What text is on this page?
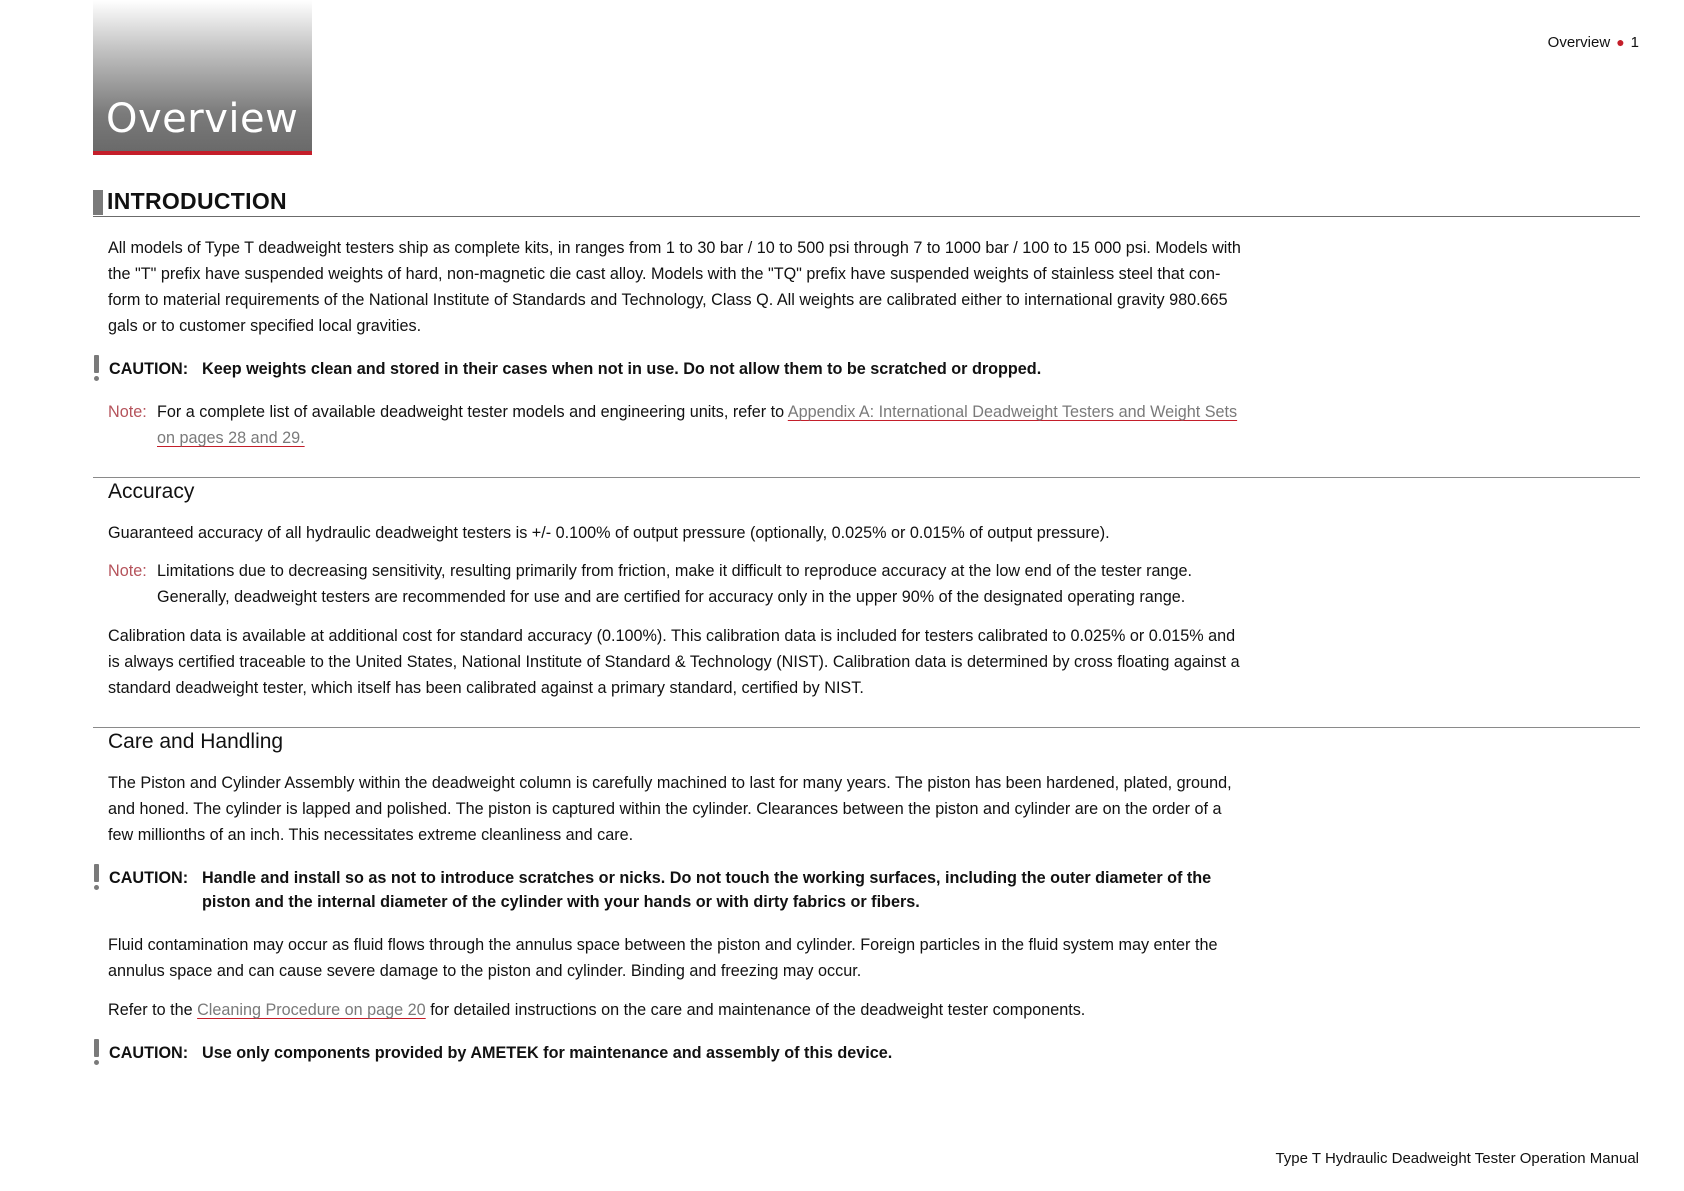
Overview
Overview ● 1
INTRODUCTION
All models of Type T deadweight testers ship as complete kits, in ranges from 1 to 30 bar / 10 to 500 psi through 7 to 1000 bar / 100 to 15 000 psi. Models with the "T" prefix have suspended weights of hard, non-magnetic die cast alloy. Models with the "TQ" prefix have suspended weights of stainless steel that con-form to material requirements of the National Institute of Standards and Technology, Class Q. All weights are calibrated either to international gravity 980.665 gals or to customer specified local gravities.
CAUTION: Keep weights clean and stored in their cases when not in use. Do not allow them to be scratched or dropped.
Note: For a complete list of available deadweight tester models and engineering units, refer to Appendix A: International Deadweight Testers and Weight Sets on pages 28 and 29.
Accuracy
Guaranteed accuracy of all hydraulic deadweight testers is +/- 0.100% of output pressure (optionally, 0.025% or 0.015% of output pressure).
Note: Limitations due to decreasing sensitivity, resulting primarily from friction, make it difficult to reproduce accuracy at the low end of the tester range. Generally, deadweight testers are recommended for use and are certified for accuracy only in the upper 90% of the designated operating range.
Calibration data is available at additional cost for standard accuracy (0.100%). This calibration data is included for testers calibrated to 0.025% or 0.015% and is always certified traceable to the United States, National Institute of Standard & Technology (NIST). Calibration data is determined by cross floating against a standard deadweight tester, which itself has been calibrated against a primary standard, certified by NIST.
Care and Handling
The Piston and Cylinder Assembly within the deadweight column is carefully machined to last for many years. The piston has been hardened, plated, ground, and honed. The cylinder is lapped and polished. The piston is captured within the cylinder. Clearances between the piston and cylinder are on the order of a few millionths of an inch. This necessitates extreme cleanliness and care.
CAUTION: Handle and install so as not to introduce scratches or nicks. Do not touch the working surfaces, including the outer diameter of the piston and the internal diameter of the cylinder with your hands or with dirty fabrics or fibers.
Fluid contamination may occur as fluid flows through the annulus space between the piston and cylinder. Foreign particles in the fluid system may enter the annulus space and can cause severe damage to the piston and cylinder. Binding and freezing may occur.
Refer to the Cleaning Procedure on page 20 for detailed instructions on the care and maintenance of the deadweight tester components.
CAUTION: Use only components provided by AMETEK for maintenance and assembly of this device.
Type T Hydraulic Deadweight Tester Operation Manual
